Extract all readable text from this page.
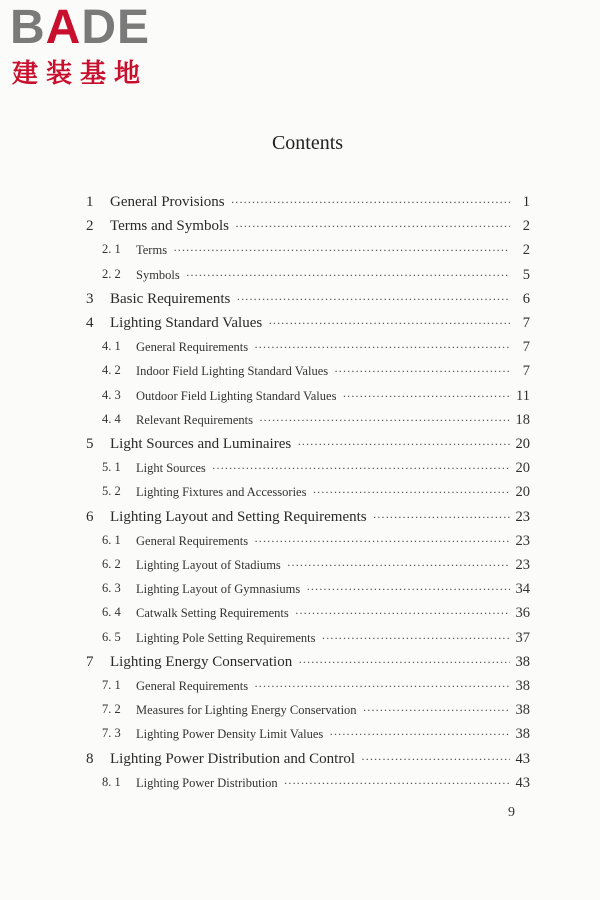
BADE
建装基地
Contents
1	General Provisions ·····	1
2	Terms and Symbols ·····	2
2. 1	Terms ·····	2
2. 2	Symbols ·····	5
3	Basic Requirements ·····	6
4	Lighting Standard Values ·····	7
4. 1	General Requirements ·····	7
4. 2	Indoor Field Lighting Standard Values ·····	7
4. 3	Outdoor Field Lighting Standard Values ·····	11
4. 4	Relevant Requirements ·····	18
5	Light Sources and Luminaires ·····	20
5. 1	Light Sources ·····	20
5. 2	Lighting Fixtures and Accessories ·····	20
6	Lighting Layout and Setting Requirements ·····	23
6. 1	General Requirements ·····	23
6. 2	Lighting Layout of Stadiums ·····	23
6. 3	Lighting Layout of Gymnasiums ·····	34
6. 4	Catwalk Setting Requirements ·····	36
6. 5	Lighting Pole Setting Requirements ·····	37
7	Lighting Energy Conservation ·····	38
7. 1	General Requirements ·····	38
7. 2	Measures for Lighting Energy Conservation ·····	38
7. 3	Lighting Power Density Limit Values ·····	38
8	Lighting Power Distribution and Control ·····	43
8. 1	Lighting Power Distribution ·····	43
9
